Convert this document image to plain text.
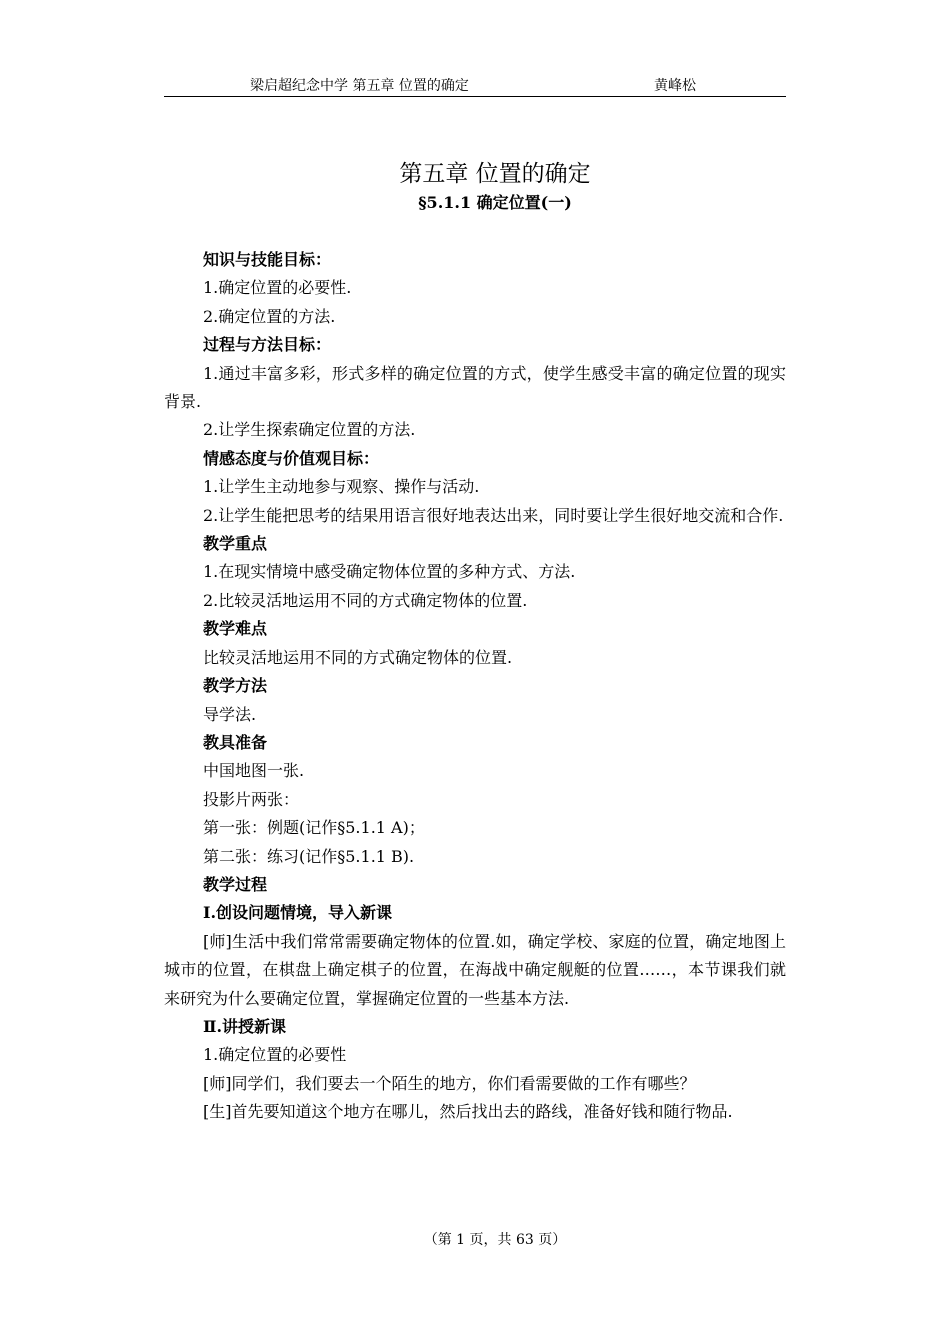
梁启超纪念中学 第五章 位置的确定	黄峰松
第五章 位置的确定
§5.1.1 确定位置(一)

知识与技能目标：

1.确定位置的必要性.

2.确定位置的方法.

过程与方法目标：

1.通过丰富多彩，形式多样的确定位置的方式，使学生感受丰富的确定位置的现实背景.

2.让学生探索确定位置的方法.

情感态度与价值观目标：

1.让学生主动地参与观察、操作与活动.

2.让学生能把思考的结果用语言很好地表达出来，同时要让学生很好地交流和合作.

教学重点

1.在现实情境中感受确定物体位置的多种方式、方法.

2.比较灵活地运用不同的方式确定物体的位置.

教学难点

比较灵活地运用不同的方式确定物体的位置.

教学方法

导学法.

教具准备

中国地图一张.

投影片两张：

第一张：例题(记作§5.1.1 A)；

第二张：练习(记作§5.1.1 B).

教学过程

Ⅰ.创设问题情境，导入新课

[师]生活中我们常常需要确定物体的位置.如，确定学校、家庭的位置，确定地图上城市的位置，在棋盘上确定棋子的位置，在海战中确定舰艇的位置……，本节课我们就来研究为什么要确定位置，掌握确定位置的一些基本方法.

Ⅱ.讲授新课

1.确定位置的必要性

[师]同学们，我们要去一个陌生的地方，你们看需要做的工作有哪些？

[生]首先要知道这个地方在哪儿，然后找出去的路线，准备好钱和随行物品.

（第 1 页，共 63 页）
